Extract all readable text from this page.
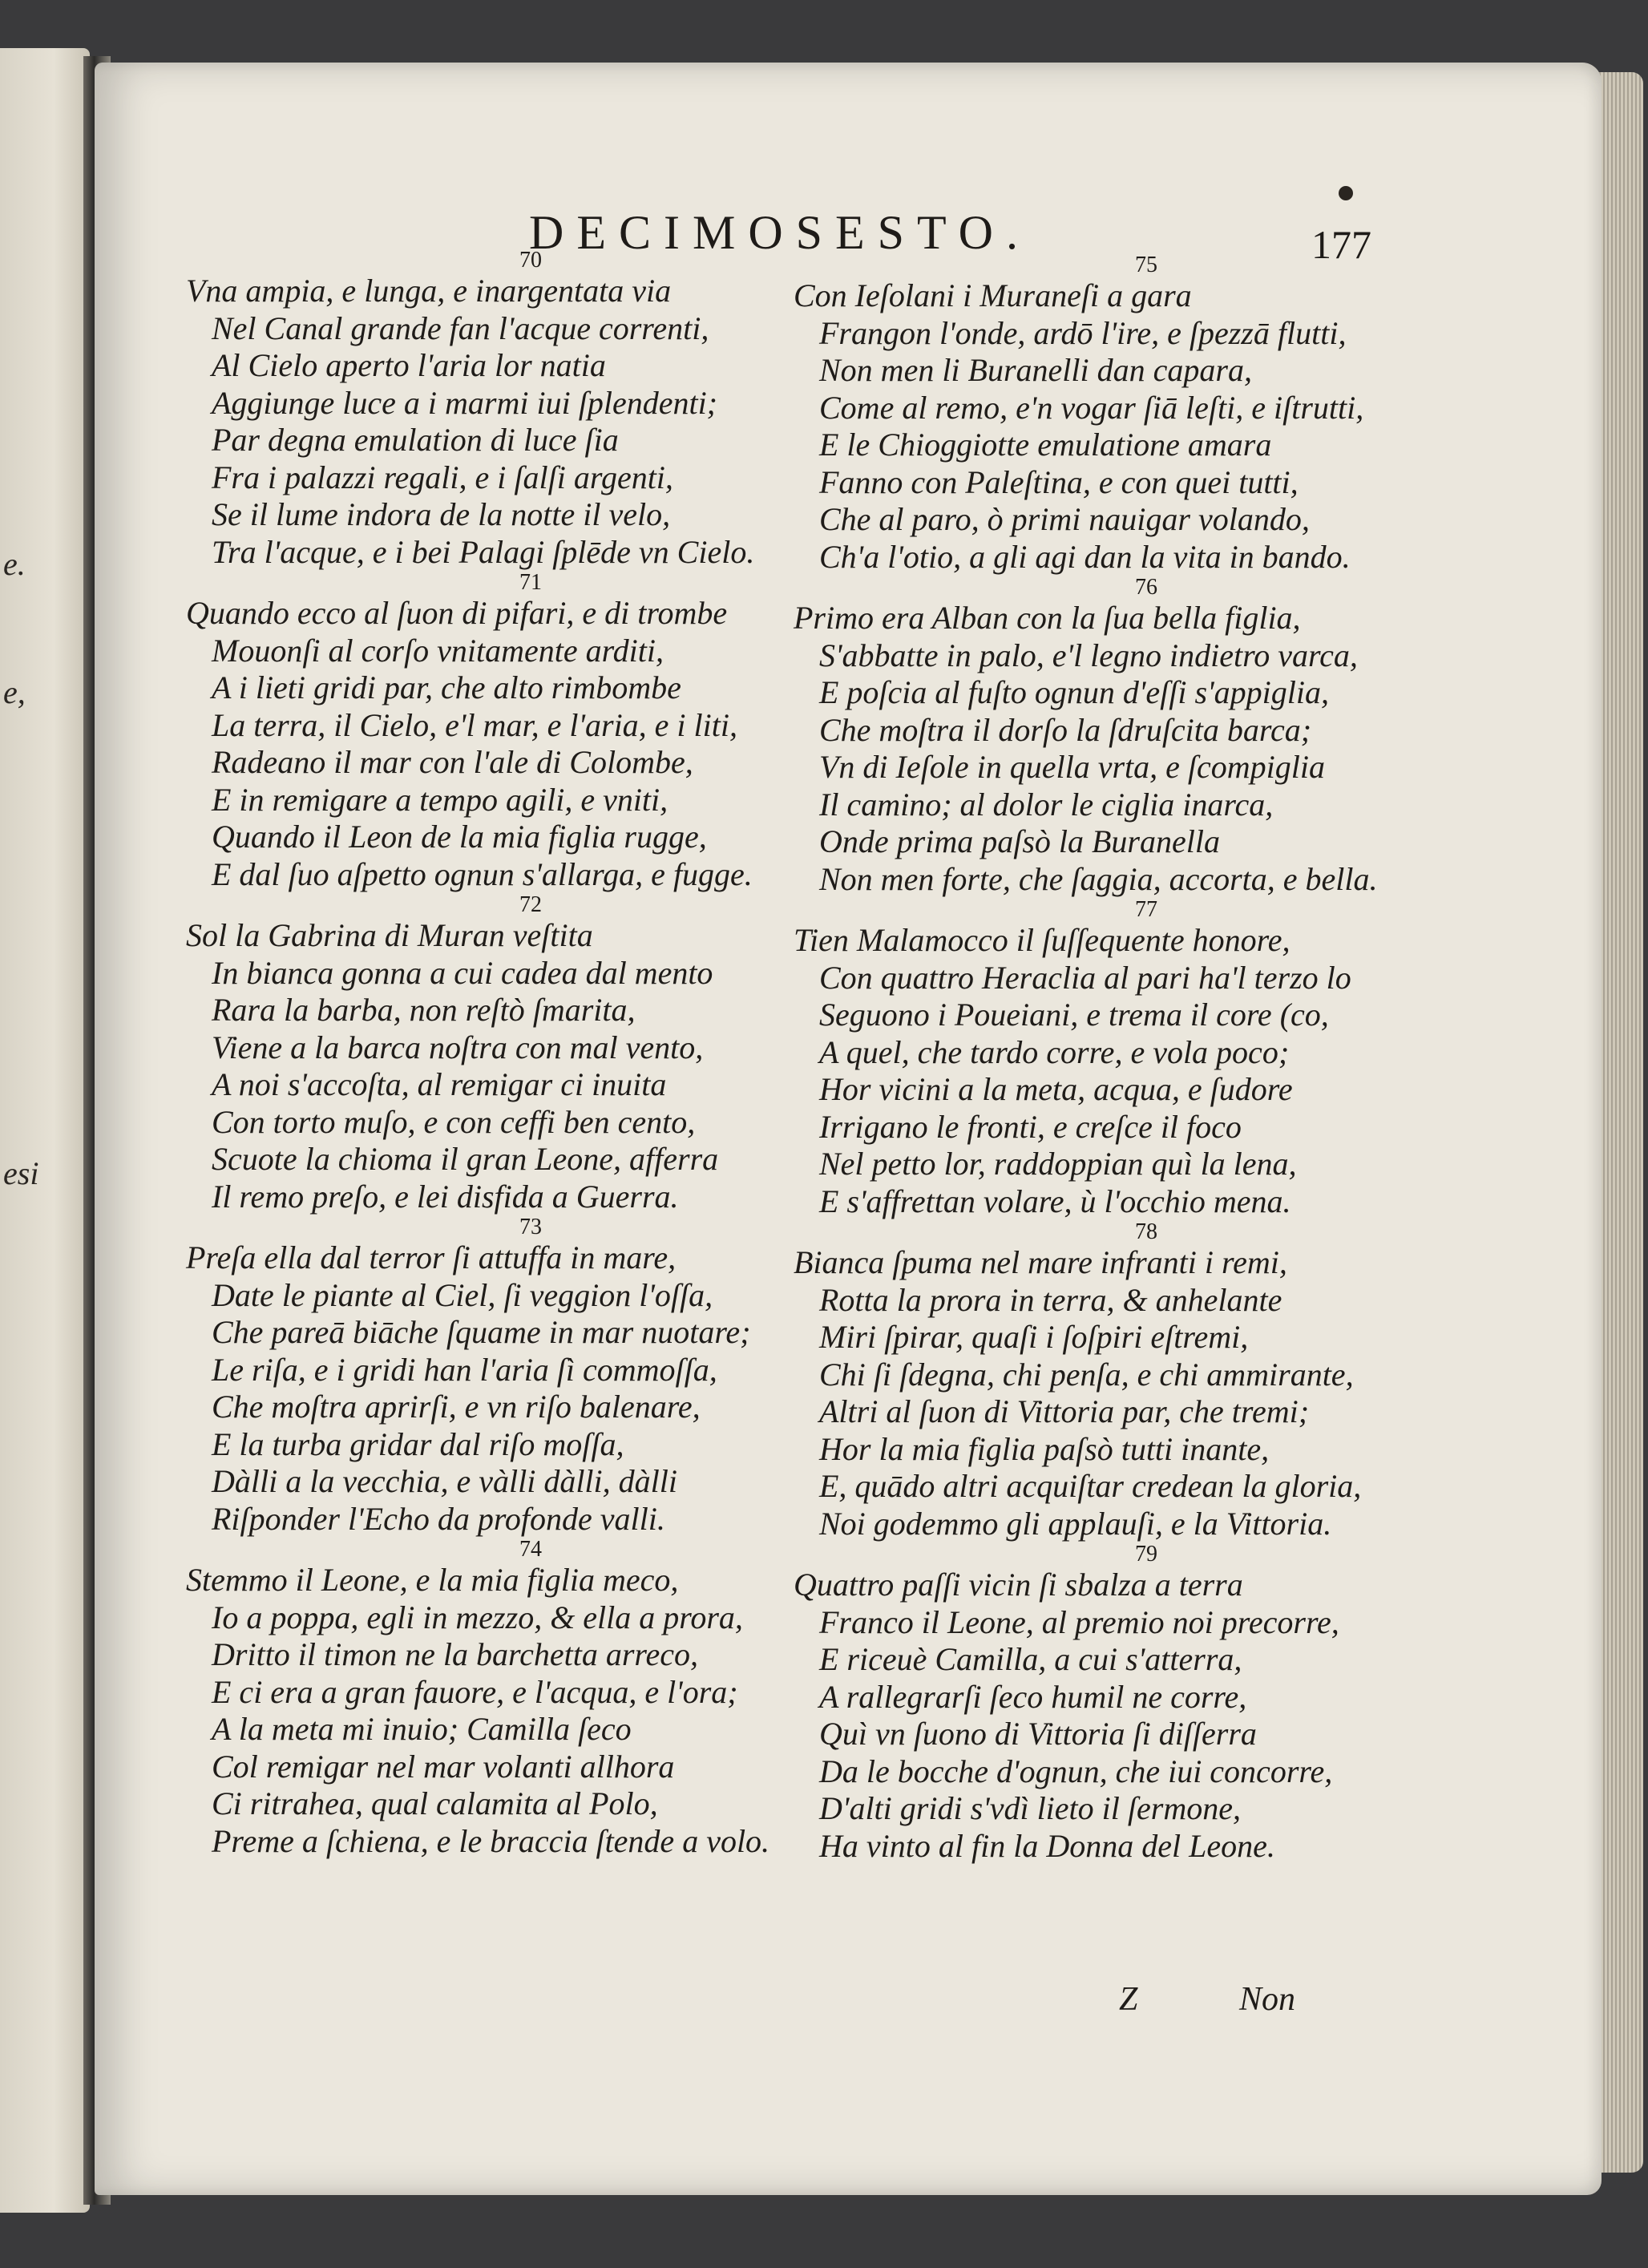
e.
e,
esi
DECIMOSESTO.	177
70
Vna ampia, e lunga, e inargentata via
Nel Canal grande fan l'acque correnti,
Al Cielo aperto l'aria lor natia
Aggiunge luce a i marmi iui ſplendenti;
Par degna emulation di luce ſia
Fra i palazzi regali, e i ſalſi argenti,
Se il lume indora de la notte il velo,
Tra l'acque, e i bei Palagi ſplēde vn Cielo.
71
Quando ecco al ſuon di pifari, e di trombe
Mouonſi al corſo vnitamente arditi,
A i lieti gridi par, che alto rimbombe
La terra, il Cielo, e'l mar, e l'aria, e i liti,
Radeano il mar con l'ale di Colombe,
E in remigare a tempo agili, e vniti,
Quando il Leon de la mia figlia rugge,
E dal ſuo aſpetto ognun s'allarga, e fugge.
72
Sol la Gabrina di Muran veſtita
In bianca gonna a cui cadea dal mento
Rara la barba, non reſtò ſmarita,
Viene a la barca noſtra con mal vento,
A noi s'accoſta, al remigar ci inuita
Con torto muſo, e con ceffi ben cento,
Scuote la chioma il gran Leone, afferra
Il remo preſo, e lei disfida a Guerra.
73
Preſa ella dal terror ſi attuffa in mare,
Date le piante al Ciel, ſi veggion l'oſſa,
Che pareā biāche ſquame in mar nuotare;
Le riſa, e i gridi han l'aria ſì commoſſa,
Che moſtra aprirſi, e vn riſo balenare,
E la turba gridar dal riſo moſſa,
Dàlli a la vecchia, e vàlli dàlli, dàlli
Riſponder l'Echo da profonde valli.
74
Stemmo il Leone, e la mia figlia meco,
Io a poppa, egli in mezzo, & ella a prora,
Dritto il timon ne la barchetta arreco,
E ci era a gran fauore, e l'acqua, e l'ora;
A la meta mi inuio; Camilla ſeco
Col remigar nel mar volanti allhora
Ci ritrahea, qual calamita al Polo,
Preme a ſchiena, e le braccia ſtende a volo.
75
Con Ieſolani i Muraneſi a gara
Frangon l'onde, ardō l'ire, e ſpezzā flutti,
Non men li Buranelli dan capara,
Come al remo, e'n vogar ſiā leſti, e iſtrutti,
E le Chioggiotte emulatione amara
Fanno con Paleſtina, e con quei tutti,
Che al paro, ò primi nauigar volando,
Ch'a l'otio, a gli agi dan la vita in bando.
76
Primo era Alban con la ſua bella figlia,
S'abbatte in palo, e'l legno indietro varca,
E poſcia al fuſto ognun d'eſſi s'appiglia,
Che moſtra il dorſo la ſdruſcita barca;
Vn di Ieſole in quella vrta, e ſcompiglia
Il camino; al dolor le ciglia inarca,
Onde prima paſsò la Buranella
Non men forte, che ſaggia, accorta, e bella.
77
Tien Malamocco il ſuſſequente honore,
Con quattro Heraclia al pari ha'l terzo lo
Seguono i Poueiani, e trema il core (co,
A quel, che tardo corre, e vola poco;
Hor vicini a la meta, acqua, e ſudore
Irrigano le fronti, e creſce il foco
Nel petto lor, raddoppian quì la lena,
E s'affrettan volare, ù l'occhio mena.
78
Bianca ſpuma nel mare infranti i remi,
Rotta la prora in terra, & anhelante
Miri ſpirar, quaſi i ſoſpiri eſtremi,
Chi ſi ſdegna, chi penſa, e chi ammirante,
Altri al ſuon di Vittoria par, che tremi;
Hor la mia figlia paſsò tutti inante,
E, quādo altri acquiſtar credean la gloria,
Noi godemmo gli applauſi, e la Vittoria.
79
Quattro paſſi vicin ſi sbalza a terra
Franco il Leone, al premio noi precorre,
E riceuè Camilla, a cui s'atterra,
A rallegrarſi ſeco humil ne corre,
Quì vn ſuono di Vittoria ſi diſſerra
Da le bocche d'ognun, che iui concorre,
D'alti gridi s'vdì lieto il ſermone,
Ha vinto al fin la Donna del Leone.
Z	Non
